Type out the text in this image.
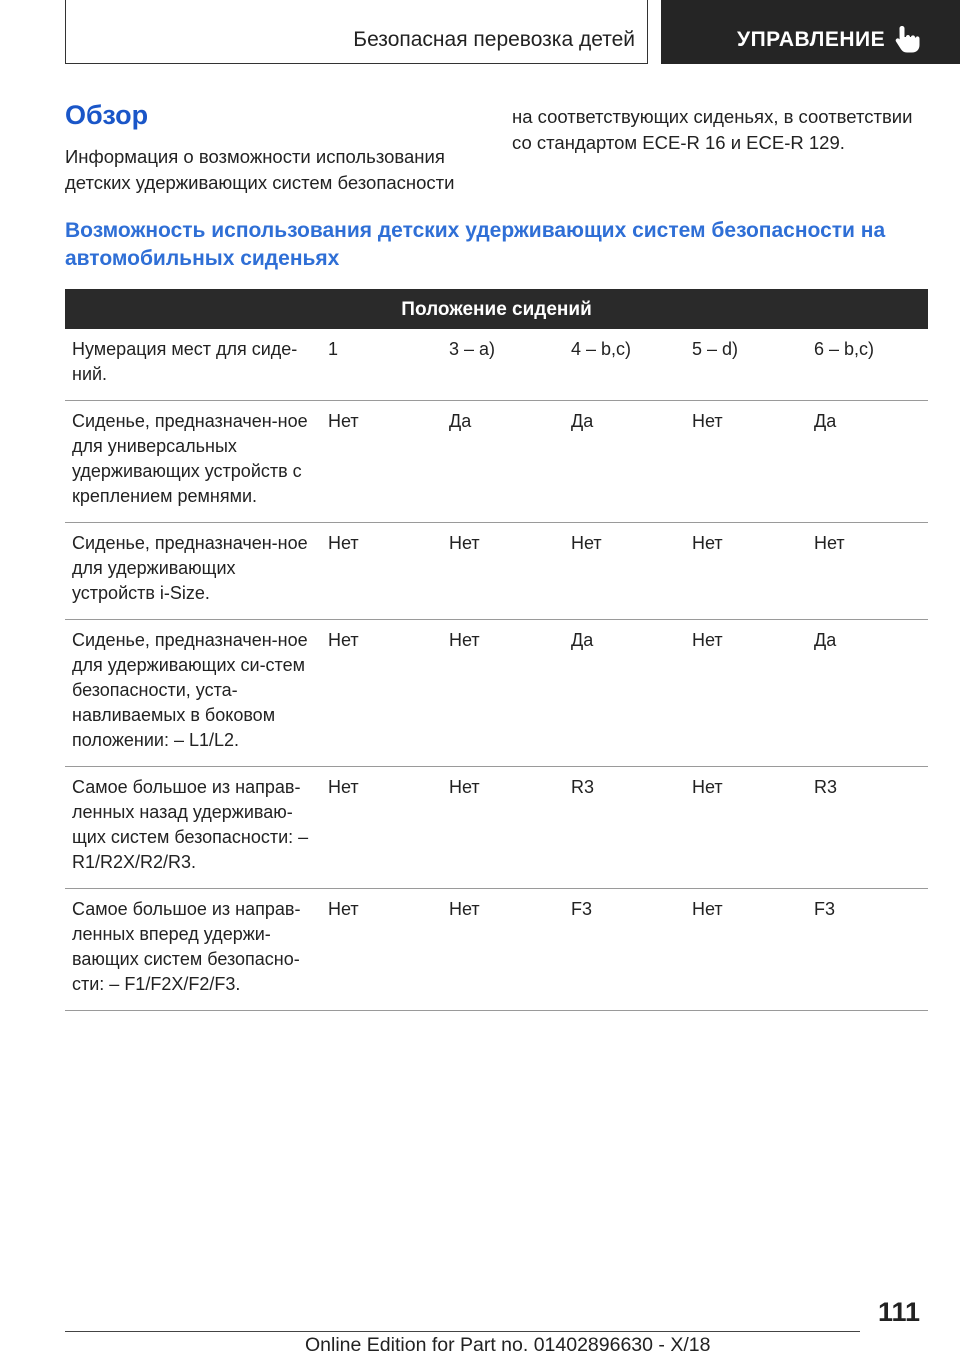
Безопасная перевозка детей	УПРАВЛЕНИЕ
Обзор
Информация о возможности использования детских удерживающих систем безопасности
на соответствующих сиденьях, в соответствии со стандартом ECE-R 16 и ECE-R 129.
Возможность использования детских удерживающих систем безопасности на автомобильных сиденьях
Положение сидений					
Нумерация мест для сиде-ний.	1	3 – a)	4 – b,c)	5 – d)	6 – b,c)
Сиденье, предназначен-ное для универсальных удерживающих устройств с креплением ремнями.	Нет	Да	Да	Нет	Да
Сиденье, предназначен-ное для удерживающих устройств i-Size.	Нет	Нет	Нет	Нет	Нет
Сиденье, предназначен-ное для удерживающих си-стем безопасности, уста-навливаемых в боковом положении: – L1/L2.	Нет	Нет	Да	Нет	Да
Самое большое из направ-ленных назад удерживаю-щих систем безопасности: – R1/R2X/R2/R3.	Нет	Нет	R3	Нет	R3
Самое большое из направ-ленных вперед удержи-вающих систем безопасно-сти: – F1/F2X/F2/F3.	Нет	Нет	F3	Нет	F3
111
Online Edition for Part no. 01402896630 - X/18
